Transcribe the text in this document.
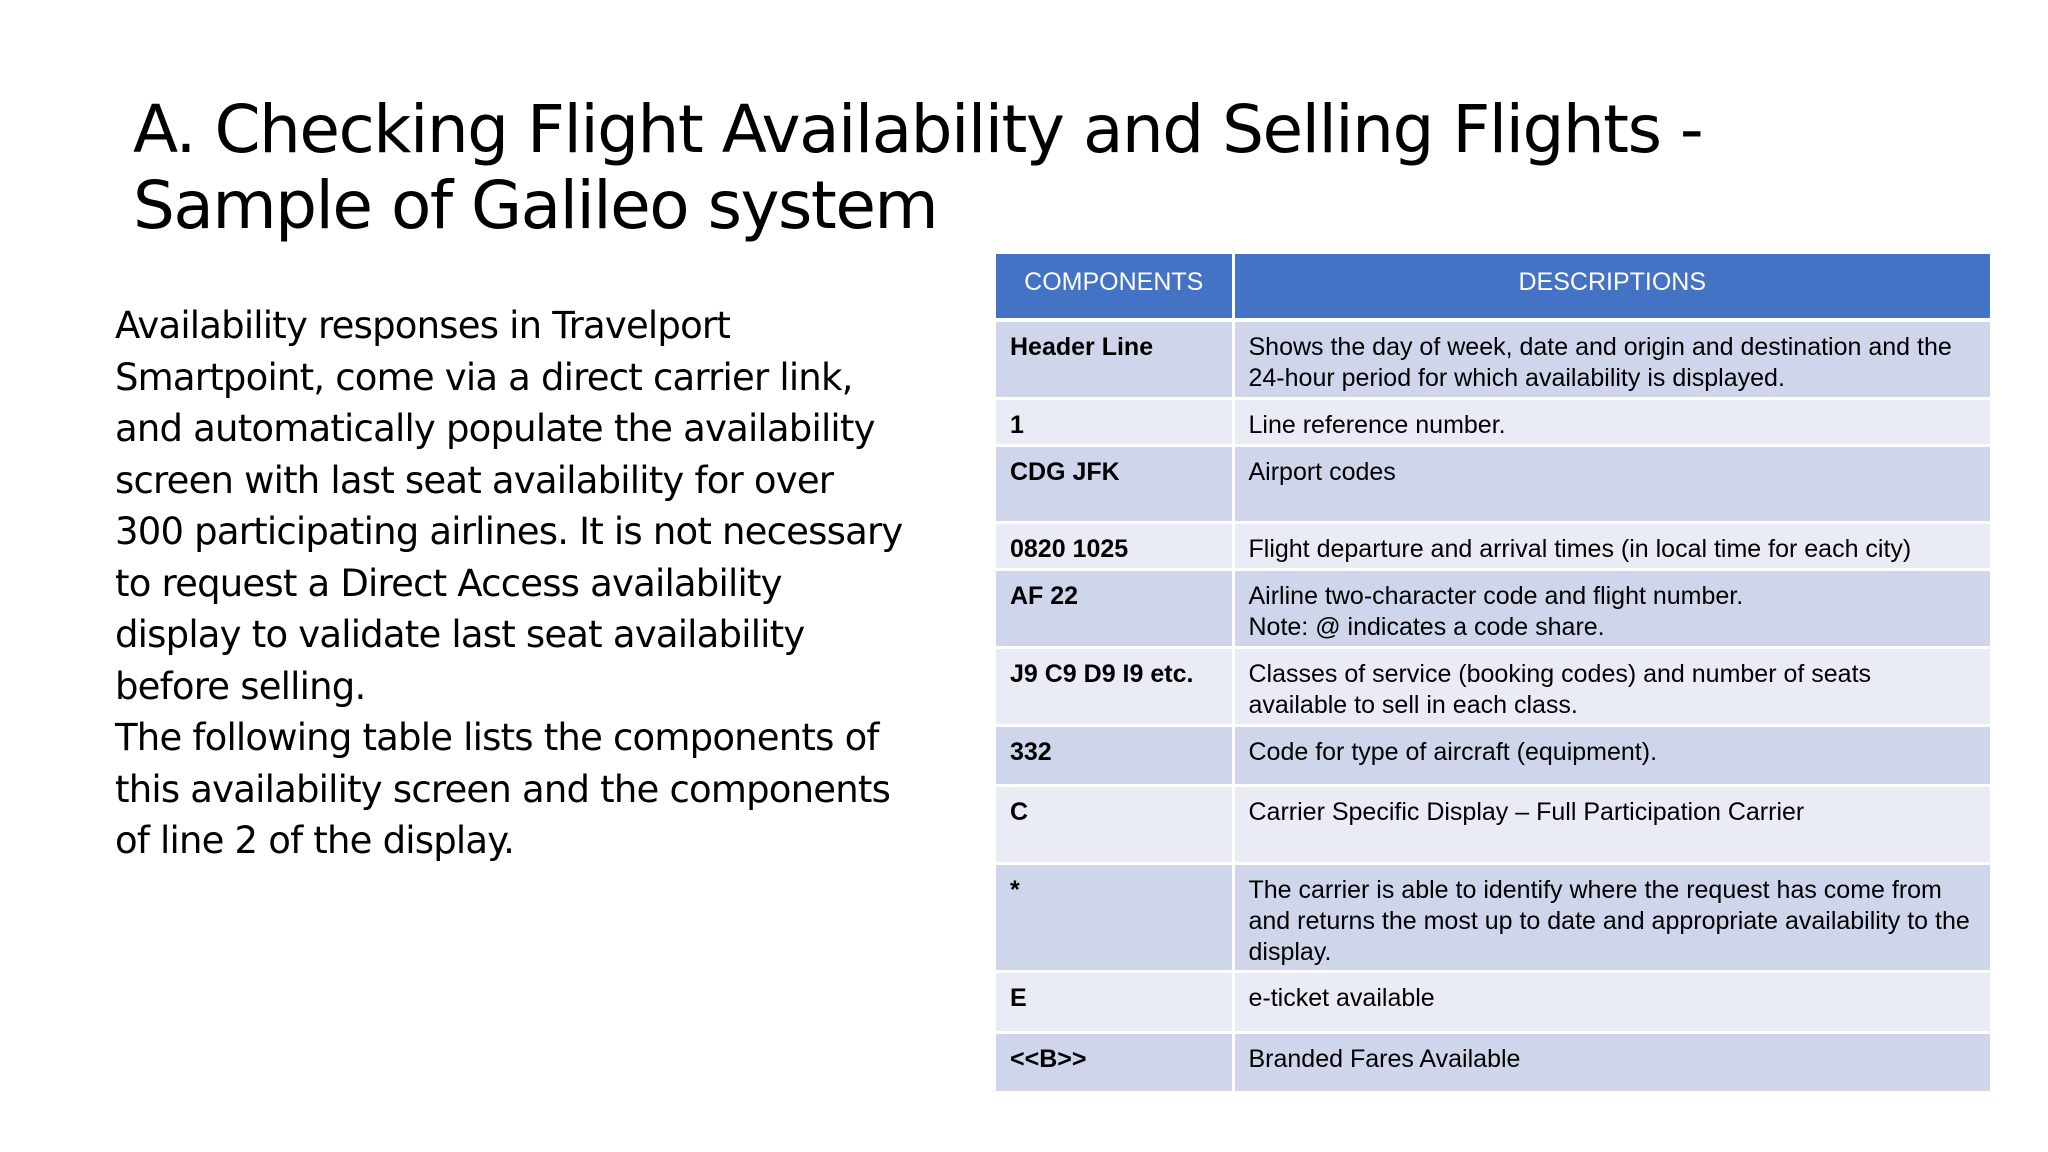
A. Checking Flight Availability and Selling Flights - Sample of Galileo system

Availability responses in Travelport Smartpoint, come via a direct carrier link, and automatically populate the availability screen with last seat availability for over 300 participating airlines. It is not necessary to request a Direct Access availability display to validate last seat availability before selling.

The following table lists the components of this availability screen and the components of line 2 of the display.

COMPONENTS	DESCRIPTIONS
Header Line	Shows the day of week, date and origin and destination and the 24-hour period for which availability is displayed.
1	Line reference number.
CDG JFK	Airport codes
0820 1025	Flight departure and arrival times (in local time for each city)
AF 22	Airline two-character code and flight number.
Note: @ indicates a code share.

J9 C9 D9 I9 etc.	Classes of service (booking codes) and number of seats available to sell in each class.
332	Code for type of aircraft (equipment).
C	Carrier Specific Display – Full Participation Carrier
*	The carrier is able to identify where the request has come from and returns the most up to date and appropriate availability to the display.
E	e-ticket available
<<B>>	Branded Fares Available
